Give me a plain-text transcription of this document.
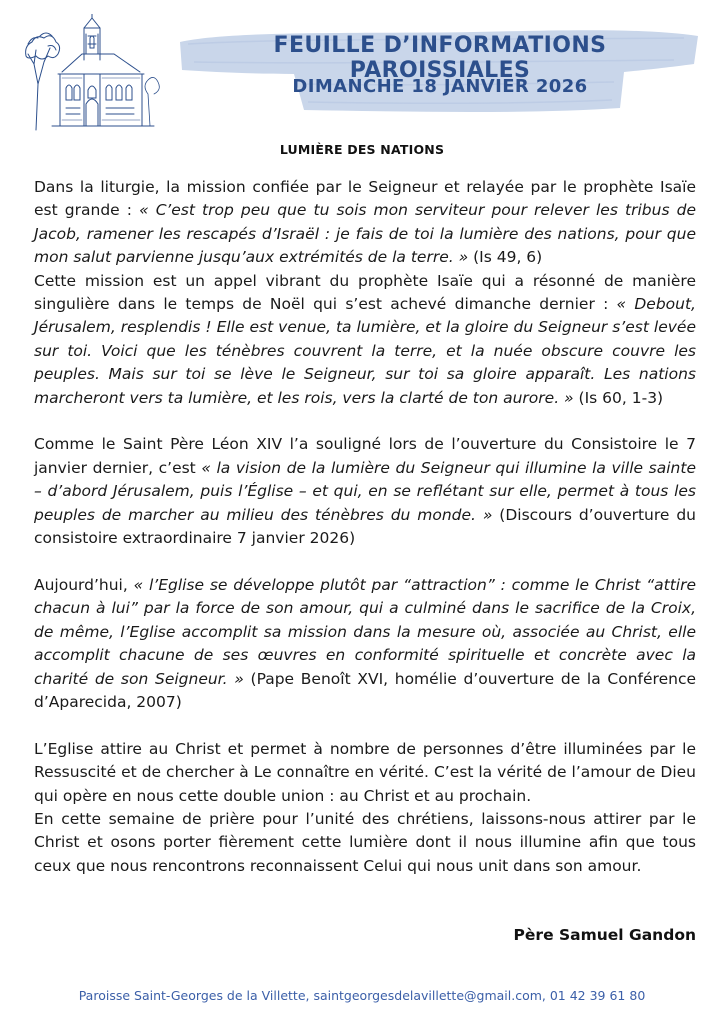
FEUILLE D’INFORMATIONS PAROISSIALES
DIMANCHE 18 JANVIER 2026
LUMIÈRE DES NATIONS

Dans la liturgie, la mission confiée par le Seigneur et relayée par le prophète Isaïe est grande : « C’est trop peu que tu sois mon serviteur pour relever les tribus de Jacob, ramener les rescapés d’Israël : je fais de toi la lumière des nations, pour que mon salut parvienne jusqu’aux extrémités de la terre. » (Is 49, 6)

Cette mission est un appel vibrant du prophète Isaïe qui a résonné de manière singulière dans le temps de Noël qui s’est achevé dimanche dernier : « Debout, Jérusalem, resplendis ! Elle est venue, ta lumière, et la gloire du Seigneur s’est levée sur toi. Voici que les ténèbres couvrent la terre, et la nuée obscure couvre les peuples. Mais sur toi se lève le Seigneur, sur toi sa gloire apparaît. Les nations marcheront vers ta lumière, et les rois, vers la clarté de ton aurore. » (Is 60, 1-3)

Comme le Saint Père Léon XIV l’a souligné lors de l’ouverture du Consistoire le 7 janvier dernier, c’est « la vision de la lumière du Seigneur qui illumine la ville sainte – d’abord Jérusalem, puis l’Église – et qui, en se reflétant sur elle, permet à tous les peuples de marcher au milieu des ténèbres du monde. » (Discours d’ouverture du consistoire extraordinaire 7 janvier 2026)

Aujourd’hui, « l’Eglise se développe plutôt par “attraction” : comme le Christ “attire chacun à lui” par la force de son amour, qui a culminé dans le sacrifice de la Croix, de même, l’Eglise accomplit sa mission dans la mesure où, associée au Christ, elle accomplit chacune de ses œuvres en conformité spirituelle et concrète avec la charité de son Seigneur. » (Pape Benoît XVI, homélie d’ouverture de la Conférence d’Aparecida, 2007)

L’Eglise attire au Christ et permet à nombre de personnes d’être illuminées par le Ressuscité et de chercher à Le connaître en vérité. C’est la vérité de l’amour de Dieu qui opère en nous cette double union : au Christ et au prochain.

En cette semaine de prière pour l’unité des chrétiens, laissons-nous attirer par le Christ et osons porter fièrement cette lumière dont il nous illumine afin que tous ceux que nous rencontrons reconnaissent Celui qui nous unit dans son amour.

Père Samuel Gandon
Paroisse Saint-Georges de la Villette, saintgeorgesdelavillette@gmail.com, 01 42 39 61 80
